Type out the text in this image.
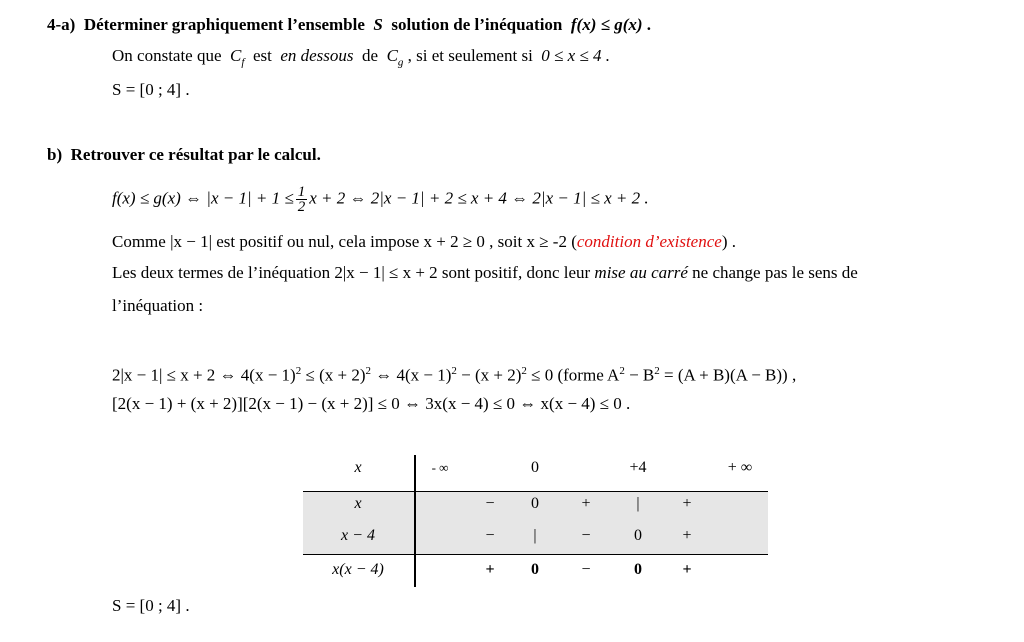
4-a) Déterminer graphiquement l’ensemble S solution de l’inéquation f(x) ≤ g(x) .
On constate que $C_f$ est en dessous de $C_g$ , si et seulement si 0 ≤ x ≤ 4 .
S = [0 ; 4] .
b) Retrouver ce résultat par le calcul.
f(x) ≤ g(x) ⇔ $|x - 1| + 1 \le \frac{1}{2}$ x + 2 ⇔ 2|x − 1| + 2 ≤ x + 4 ⇔ 2|x − 1| ≤ x + 2 .
Comme |x − 1| est positif ou nul, cela impose x + 2 ≥ 0 , soit x ≥ -2 (condition d’existence) .
Les deux termes de l’inéquation 2|x − 1| ≤ x + 2 sont positif, donc leur mise au carré ne change pas le sens de
l’inéquation :
2|x − 1| ≤ x + 2 ⇔ $4(x - 1)^2 \le (x + 2)^2$ ⇔ $4(x - 1)^2 - (x + 2)^2 \le 0$ (forme $A^2 - B^2 = (A + B)(A - B)$) ,
[2(x − 1) + (x + 2)][2(x − 1) − (x + 2)] ≤ 0 ⇔ 3x(x − 4) ≤ 0 ⇔ x(x − 4) ≤ 0 .
x	- ∞	0	+4	+ ∞
x	−	0	+	|	+
x − 4	−	|	−	0	+
x(x − 4)	+	0	−	0	+
S = [0 ; 4] .
